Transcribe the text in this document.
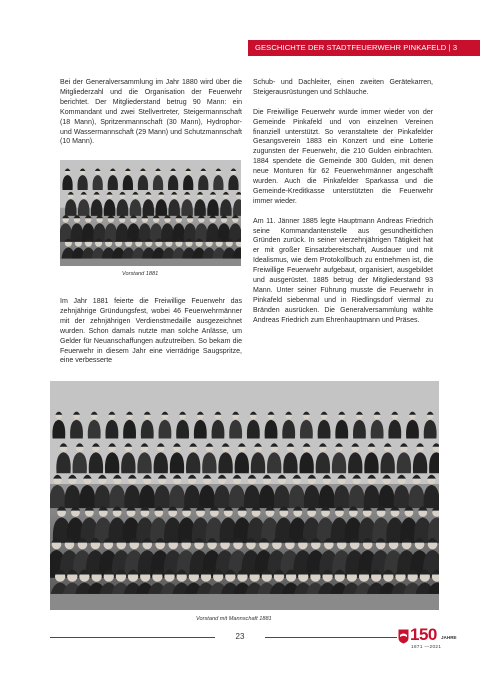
GESCHICHTE DER STADTFEUERWEHR PINKAFELD | 3

Bei der Generalversammlung im Jahr 1880 wird über die Mitgliederzahl und die Organisation der Feuerwehr berichtet. Der Mitgliederstand betrug 90 Mann: ein Kommandant und zwei Stellvertreter, Steigermannschaft (18 Mann), Spritzenmannschaft (30 Mann), Hydrophor- und Wassermannschaft (29 Mann) und Schutzmannschaft (10 Mann).

Vorstand 1881

Im Jahr 1881 feierte die Freiwillige Feuerwehr das zehnjährige Gründungsfest, wobei 46 Feuerwehrmänner mit der zehnjährigen Verdienstmedaille ausgezeichnet wurden. Schon damals nutzte man solche Anlässe, um Gelder für Neuanschaffungen aufzutreiben. So bekam die Feuerwehr in diesem Jahr eine vierrädrige Saugspritze, eine verbesserte

Schub- und Dachleiter, einen zweiten Gerätekarren, Steigerausrüstungen und Schläuche.

Die Freiwillige Feuerwehr wurde immer wieder von der Gemeinde Pinkafeld und von einzelnen Vereinen finanziell unterstützt. So veranstaltete der Pinkafelder Gesangsverein 1883 ein Konzert und eine Lotterie zugunsten der Feuerwehr, die 210 Gulden einbrachten. 1884 spendete die Gemeinde 300 Gulden, mit denen neue Monturen für 62 Feuerwehrmänner angeschafft wurden. Auch die Pinkafelder Sparkassa und die Gemeinde-Kreditkasse unterstützten die Feuerwehr immer wieder.

Am 11. Jänner 1885 legte Hauptmann Andreas Friedrich seine Kommandantenstelle aus gesundheitlichen Gründen zurück. In seiner vierzehnjährigen Tätigkeit hat er mit großer Einsatzbereitschaft, Ausdauer und mit Idealismus, wie dem Protokollbuch zu entnehmen ist, die Freiwillige Feuerwehr aufgebaut, organisiert, ausgebildet und ausgerüstet. 1885 betrug der Mitgliederstand 93 Mann. Unter seiner Führung musste die Feuerwehr in Pinkafeld siebenmal und in Riedlingsdorf viermal zu Bränden ausrücken. Die Generalversammlung wählte Andreas Friedrich zum Ehrenhauptmann und Präses.

Vorstand mit Mannschaft 1881
23	150 JAHRE
1871 —2021
